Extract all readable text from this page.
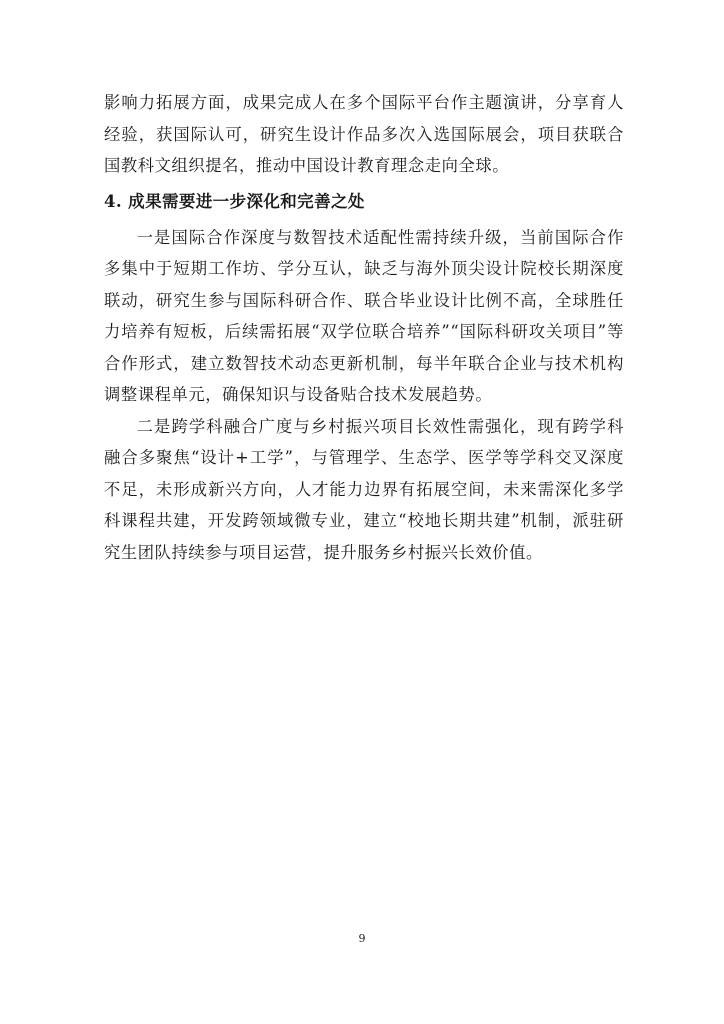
影响力拓展方面，成果完成人在多个国际平台作主题演讲，分享育人经验，获国际认可，研究生设计作品多次入选国际展会，项目获联合国教科文组织提名，推动中国设计教育理念走向全球。

4. 成果需要进一步深化和完善之处

一是国际合作深度与数智技术适配性需持续升级，当前国际合作多集中于短期工作坊、学分互认，缺乏与海外顶尖设计院校长期深度联动，研究生参与国际科研合作、联合毕业设计比例不高，全球胜任力培养有短板，后续需拓展“双学位联合培养”“国际科研攻关项目”等合作形式，建立数智技术动态更新机制，每半年联合企业与技术机构调整课程单元，确保知识与设备贴合技术发展趋势。

二是跨学科融合广度与乡村振兴项目长效性需强化，现有跨学科融合多聚焦“设计+工学”，与管理学、生态学、医学等学科交叉深度不足，未形成新兴方向，人才能力边界有拓展空间，未来需深化多学科课程共建，开发跨领域微专业，建立“校地长期共建”机制，派驻研究生团队持续参与项目运营，提升服务乡村振兴长效价值。

9
